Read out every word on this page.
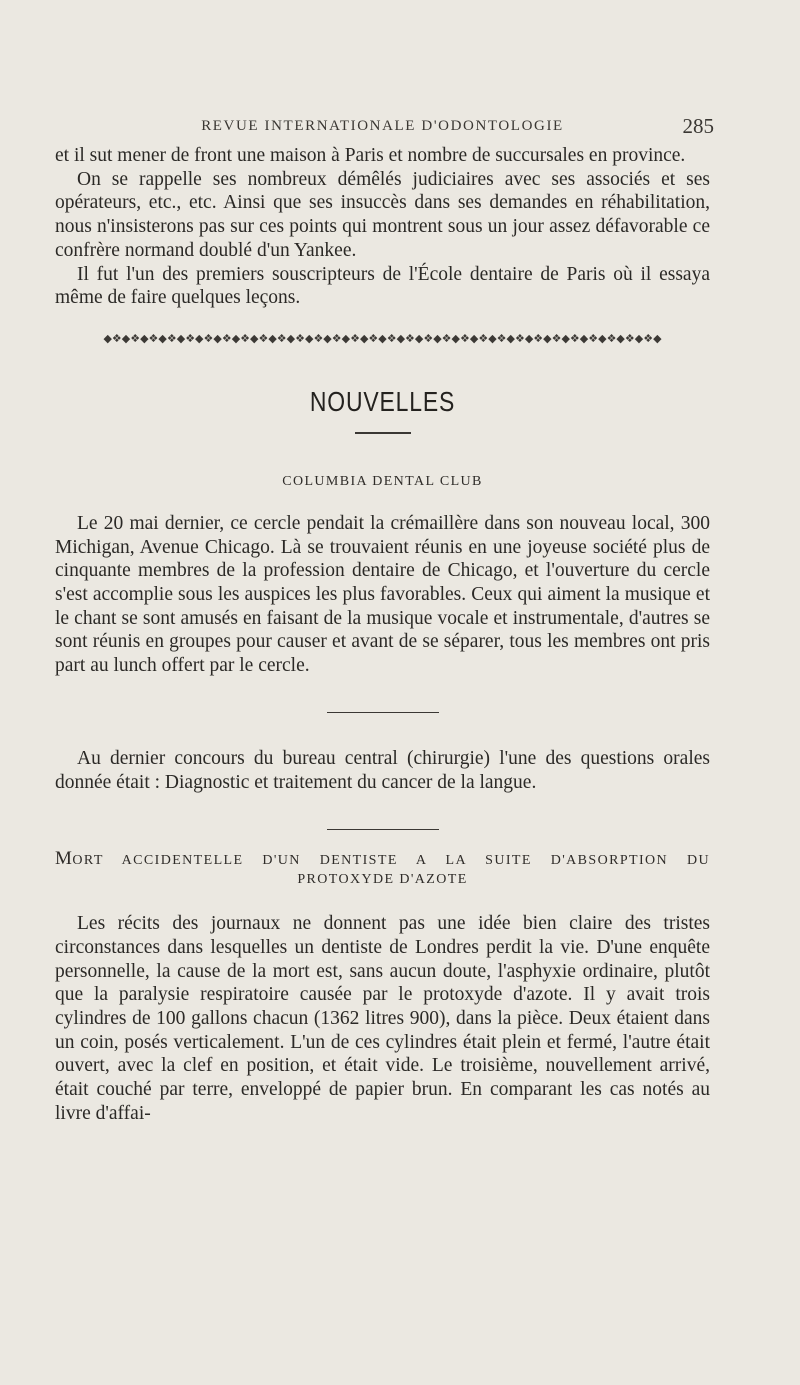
REVUE INTERNATIONALE D'ODONTOLOGIE	285

et il sut mener de front une maison à Paris et nombre de succursales en province.

On se rappelle ses nombreux démêlés judiciaires avec ses associés et ses opérateurs, etc., etc. Ainsi que ses insuccès dans ses demandes en réhabilitation, nous n'insisterons pas sur ces points qui montrent sous un jour assez défavorable ce confrère normand doublé d'un Yankee.

Il fut l'un des premiers souscripteurs de l'École dentaire de Paris où il essaya même de faire quelques leçons.

◆❖◆❖◆❖◆❖◆❖◆❖◆❖◆❖◆❖◆❖◆❖◆❖◆❖◆❖◆❖◆❖◆❖◆❖◆❖◆❖◆❖◆❖◆❖◆❖◆❖◆❖◆❖◆❖◆❖◆❖◆
NOUVELLES
COLUMBIA DENTAL CLUB

Le 20 mai dernier, ce cercle pendait la crémaillère dans son nouveau local, 300 Michigan, Avenue Chicago. Là se trouvaient réunis en une joyeuse société plus de cinquante membres de la profession dentaire de Chicago, et l'ouverture du cercle s'est accomplie sous les auspices les plus favorables. Ceux qui aiment la musique et le chant se sont amusés en faisant de la musique vocale et instrumentale, d'autres se sont réunis en groupes pour causer et avant de se séparer, tous les membres ont pris part au lunch offert par le cercle.

Au dernier concours du bureau central (chirurgie) l'une des questions orales donnée était : Diagnostic et traitement du cancer de la langue.

MORT ACCIDENTELLE D'UN DENTISTE A LA SUITE D'ABSORPTION DU
PROTOXYDE D'AZOTE

Les récits des journaux ne donnent pas une idée bien claire des tristes circonstances dans lesquelles un dentiste de Londres perdit la vie. D'une enquête personnelle, la cause de la mort est, sans aucun doute, l'asphyxie ordinaire, plutôt que la paralysie respiratoire causée par le protoxyde d'azote. Il y avait trois cylindres de 100 gallons chacun (1362 litres 900), dans la pièce. Deux étaient dans un coin, posés verticalement. L'un de ces cylindres était plein et fermé, l'autre était ouvert, avec la clef en position, et était vide. Le troisième, nouvellement arrivé, était couché par terre, enveloppé de papier brun. En comparant les cas notés au livre d'affai-
